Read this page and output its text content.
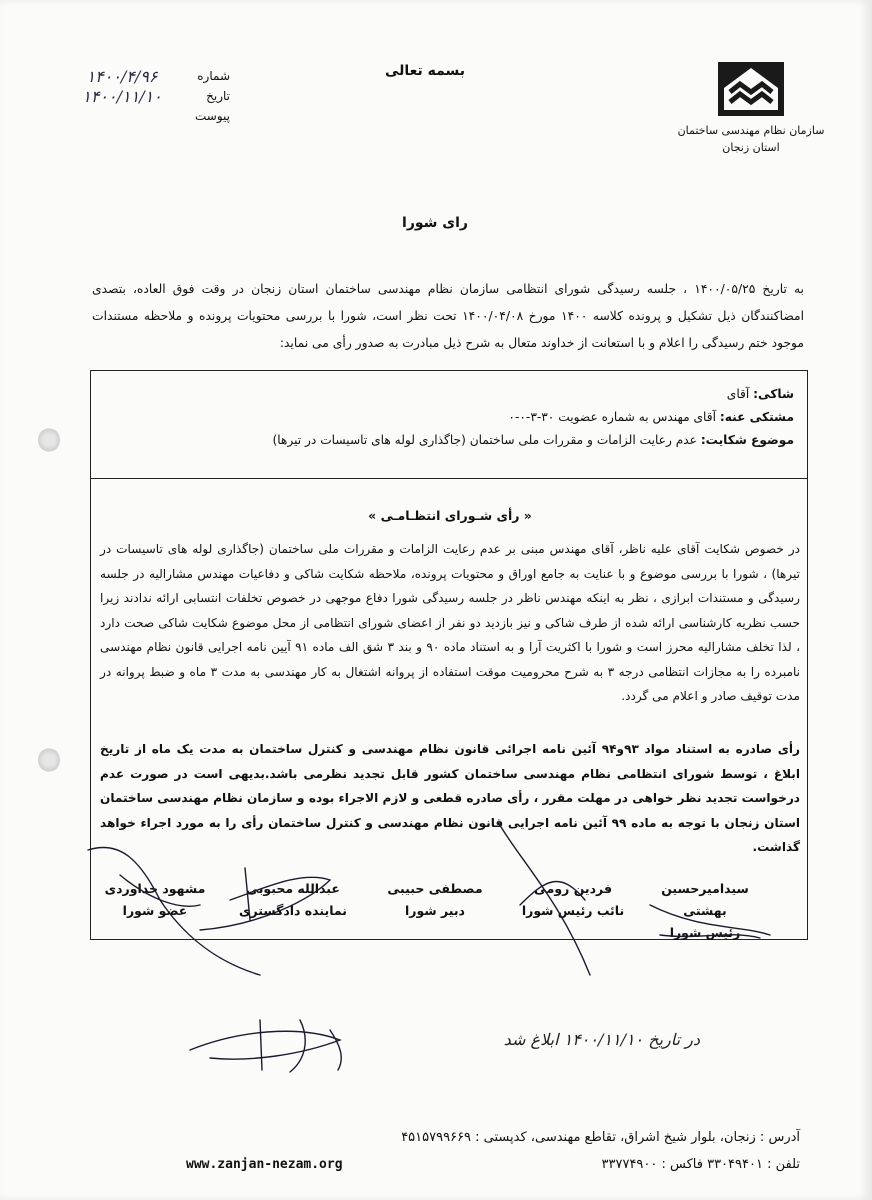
سازمان نظام مهندسی ساختمان
استان زنجان
بسمه تعالی
شماره
۱۴۰۰/۴/۹۶
تاریخ
۱۴۰۰/۱۱/۱۰
پیوست
رای شورا
به تاریخ ۱۴۰۰/۰۵/۲۵ ، جلسه رسیدگی شورای انتظامی سازمان نظام مهندسی ساختمان استان زنجان در وقت فوق العاده، بتصدی امضاکنندگان ذیل تشکیل و پرونده کلاسه ۱۴۰۰ مورخ ۱۴۰۰/۰۴/۰۸ تحت نظر است، شورا با بررسی محتویات پرونده و ملاحظه مستندات موجود ختم رسیدگی را اعلام و با استعانت از خداوند متعال به شرح ذیل مبادرت به صدور رأی می نماید:
شاکی: آقای
مشتکی عنه: آقای مهندس به شماره عضویت ۳۰-۳-۰-۰
موضوع شکایت: عدم رعایت الزامات و مقررات ملی ساختمان (جاگذاری لوله های تاسیسات در تیرها)
« رأی شـورای انتظـامـی »
در خصوص شکایت آقای علیه ناظر، آقای مهندس مبنی بر عدم رعایت الزامات و مقررات ملی ساختمان (جاگذاری لوله های تاسیسات در تیرها) ، شورا با بررسی موضوع و با عنایت به جامع اوراق و محتویات پرونده، ملاحظه شکایت شاکی و دفاعیات مهندس مشارالیه در جلسه رسیدگی و مستندات ابرازی ، نظر به اینکه مهندس ناظر در جلسه رسیدگی شورا دفاع موجهی در خصوص تخلفات انتسابی ارائه ندادند زیرا حسب نظریه کارشناسی ارائه شده از طرف شاکی و نیز بازدید دو نفر از اعضای شورای انتظامی از محل موضوع شکایت شاکی صحت دارد ، لذا تخلف مشارالیه محرز است و شورا با اکثریت آرا و به استناد ماده ۹۰ و بند ۳ شق الف ماده ۹۱ آیین نامه اجرایی قانون نظام مهندسی نامبرده را به مجازات انتظامی درجه ۳ به شرح محرومیت موقت استفاده از پروانه اشتغال به کار مهندسی به مدت ۳ ماه و ضبط پروانه در مدت توقیف صادر و اعلام می گردد.
رأی صادره به استناد مواد ۹۳و۹۴ آئین نامه اجرائی قانون نظام مهندسی و کنترل ساختمان به مدت یک ماه از تاریخ ابلاغ ، توسط شورای انتظامی نظام مهندسی ساختمان کشور قابل تجدید نظرمی باشد.بدیهی است در صورت عدم درخواست تجدید نظر خواهی در مهلت مقرر ، رأی صادره قطعی و لازم الاجراء بوده و سازمان نظام مهندسی ساختمان استان زنجان با توجه به ماده ۹۹ آئین نامه اجرایی قانون نظام مهندسی و کنترل ساختمان رأی را به مورد اجراء خواهد گذاشت.
سیدامیرحسین بهشتی
رئیس شورا
فردین رومی
نائب رئیس شورا
مصطفی حبیبی
دبیر شورا
عبدالله محبوبی
نماینده دادگستری
مشهود خداوردی
عضو شورا
در تاریخ ۱۴۰۰/۱۱/۱۰ ابلاغ شد
آدرس : زنجان، بلوار شیخ اشراق، تقاطع مهندسی، کدپستی : ۴۵۱۵۷۹۹۶۶۹
www.zanjan-nezam.org	تلفن : ۳۳۰۴۹۴۰۱ فاکس : ۳۳۷۷۴۹۰۰
